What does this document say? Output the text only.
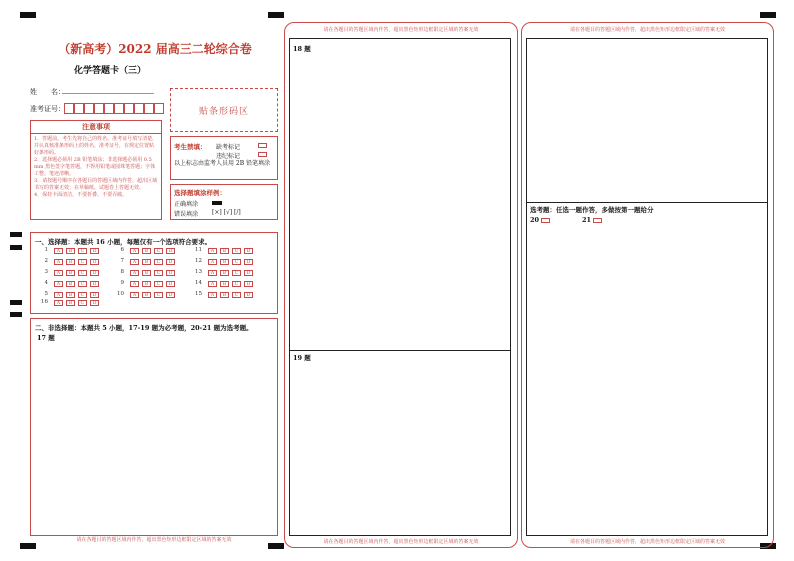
（新高考）2022 届高三二轮综合卷
化学答题卡（三）
姓　　名：
准考证号：	贴条形码区
注意事项
1．答题前，考生先将自己的姓名、准考证号填写清楚，并认真核准条形码上的姓名、准考证号，在规定位置贴好条形码。
2．选择题必须用 2B 铅笔填涂；非选择题必须用 0.5 mm 黑色签字笔答题，不得用铅笔或圆珠笔答题；字体工整、笔迹清晰。
3．请按题号顺序在各题目的答题区域内作答，超出区域书写的答案无效；在草稿纸、试题卷上答题无效。
4．保持卡面清洁，不要折叠、不要弄破。
考生禁填： 缺考标记
违纪标记
以上标志由监考人员用 2B 铅笔填涂
选择题填涂样例：
正确填涂
错误填涂 [×] [√] [/]
一、选择题：本题共 16 小题，每题仅有一个选项符合要求。
1	A	B	C	D
2	A	B	C	D
3	A	B	C	D
4	A	B	C	D
5	A	B	C	D
6	A	B	C	D
7	A	B	C	D
8	A	B	C	D
9	A	B	C	D
10	A	B	C	D
11	A	B	C	D
12	A	B	C	D
13	A	B	C	D
14	A	B	C	D
15	A	B	C	D
16	A	B	C	D
二、非选择题：本题共 5 小题，17-19 题为必考题，20-21 题为选考题。
17 题
请在各题目的答题区域内作答，超出黑色矩形边框限定区域的答案无效
请在各题目的答题区域内作答，超出黑色矩形边框限定区域的答案无效
18 题
19 题
请在各题目的答题区域内作答，超出黑色矩形边框限定区域的答案无效
请在各题目的答题区域内作答，超出黑色矩形边框限定区域的答案无效
选考题：任选一题作答，多做按第一题给分
20	21
请在各题目的答题区域内作答，超出黑色矩形边框限定区域的答案无效
